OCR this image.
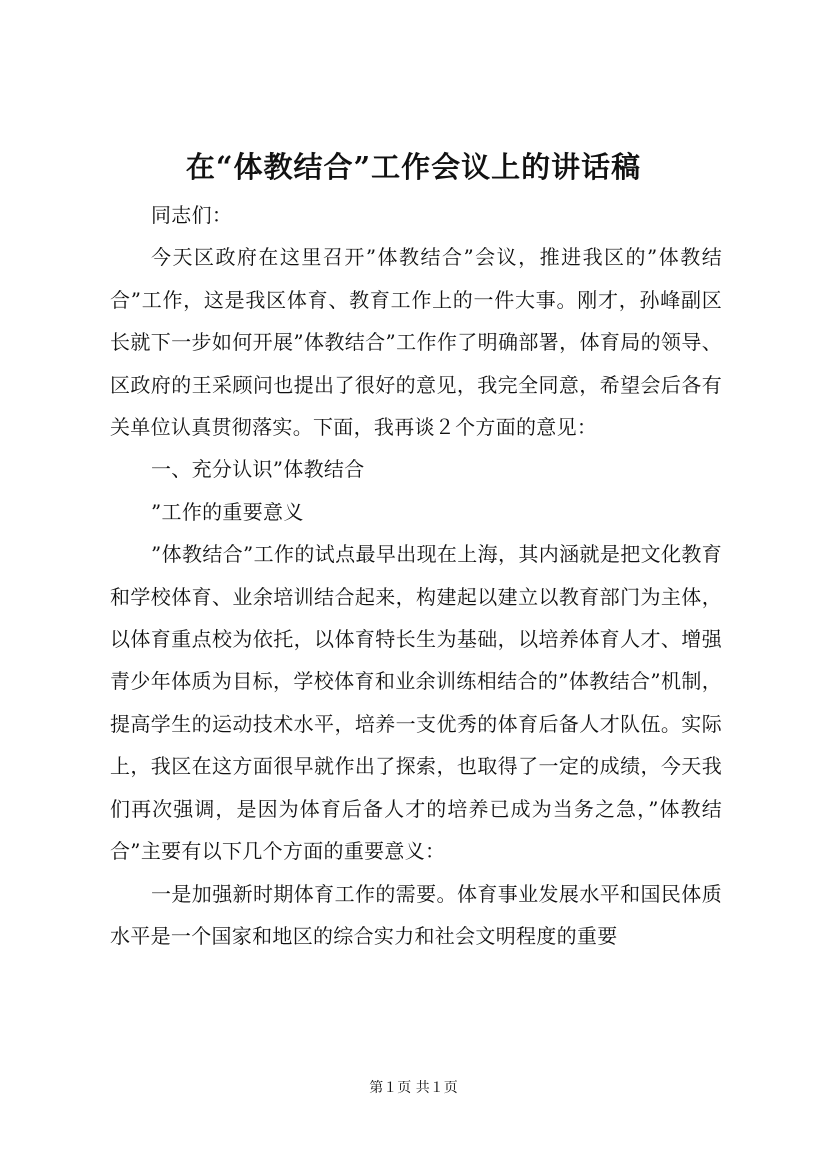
在“体教结合”工作会议上的讲话稿

同志们：

今天区政府在这里召开”体教结合”会议，推进我区的”体教结合”工作，这是我区体育、教育工作上的一件大事。刚才，孙峰副区长就下一步如何开展”体教结合”工作作了明确部署，体育局的领导、区政府的王采顾问也提出了很好的意见，我完全同意，希望会后各有关单位认真贯彻落实。下面，我再谈２个方面的意见：

一、充分认识”体教结合

”工作的重要意义

”体教结合”工作的试点最早出现在上海，其内涵就是把文化教育和学校体育、业余培训结合起来，构建起以建立以教育部门为主体，以体育重点校为依托，以体育特长生为基础，以培养体育人才、增强青少年体质为目标，学校体育和业余训练相结合的”体教结合”机制，提高学生的运动技术水平，培养一支优秀的体育后备人才队伍。实际上，我区在这方面很早就作出了探索，也取得了一定的成绩，今天我们再次强调，是因为体育后备人才的培养已成为当务之急，”体教结合”主要有以下几个方面的重要意义：

一是加强新时期体育工作的需要。体育事业发展水平和国民体质水平是一个国家和地区的综合实力和社会文明程度的重要

第１页 共１页
